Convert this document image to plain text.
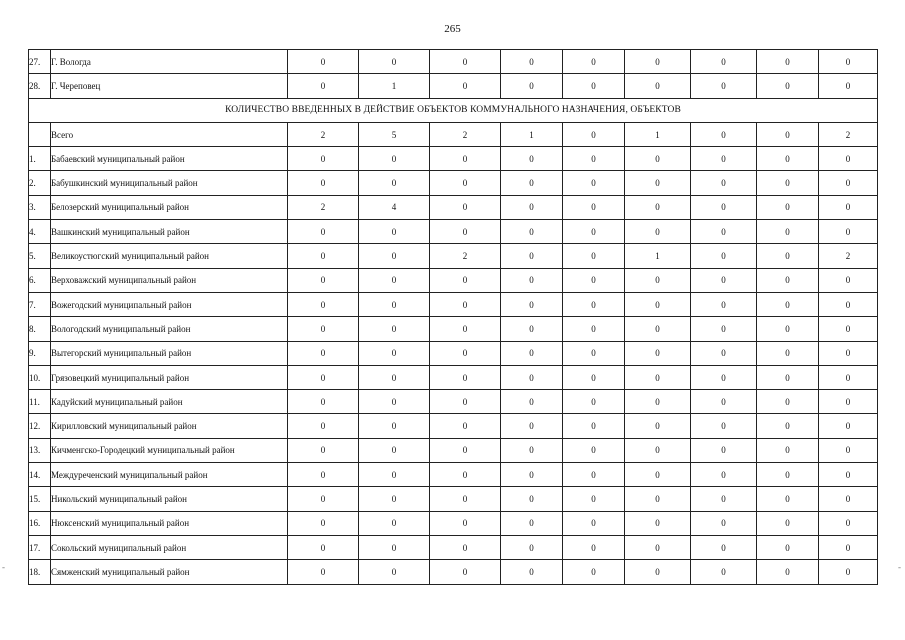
265
27.	Г. Вологда	0	0	0	0	0	0	0	0	0
28.	Г. Череповец	0	1	0	0	0	0	0	0	0
КОЛИЧЕСТВО ВВЕДЕННЫХ В ДЕЙСТВИЕ ОБЪЕКТОВ КОММУНАЛЬНОГО НАЗНАЧЕНИЯ, ОБЪЕКТОВ										
	Всего	2	5	2	1	0	1	0	0	2
1.	Бабаевский муниципальный район	0	0	0	0	0	0	0	0	0
2.	Бабушкинский муниципальный район	0	0	0	0	0	0	0	0	0
3.	Белозерский муниципальный район	2	4	0	0	0	0	0	0	0
4.	Вашкинский муниципальный район	0	0	0	0	0	0	0	0	0
5.	Великоустюгский муниципальный район	0	0	2	0	0	1	0	0	2
6.	Верховажский муниципальный район	0	0	0	0	0	0	0	0	0
7.	Вожегодский муниципальный район	0	0	0	0	0	0	0	0	0
8.	Вологодский муниципальный район	0	0	0	0	0	0	0	0	0
9.	Вытегорский муниципальный район	0	0	0	0	0	0	0	0	0
10.	Грязовецкий муниципальный район	0	0	0	0	0	0	0	0	0
11.	Кадуйский муниципальный район	0	0	0	0	0	0	0	0	0
12.	Кирилловский муниципальный район	0	0	0	0	0	0	0	0	0
13.	Кичменгско-Городецкий муниципальный район	0	0	0	0	0	0	0	0	0
14.	Междуреченский муниципальный район	0	0	0	0	0	0	0	0	0
15.	Никольский муниципальный район	0	0	0	0	0	0	0	0	0
16.	Нюксенский муниципальный район	0	0	0	0	0	0	0	0	0
17.	Сокольский муниципальный район	0	0	0	0	0	0	0	0	0
18.	Сямженский муниципальный район	0	0	0	0	0	0	0	0	0
-	-
